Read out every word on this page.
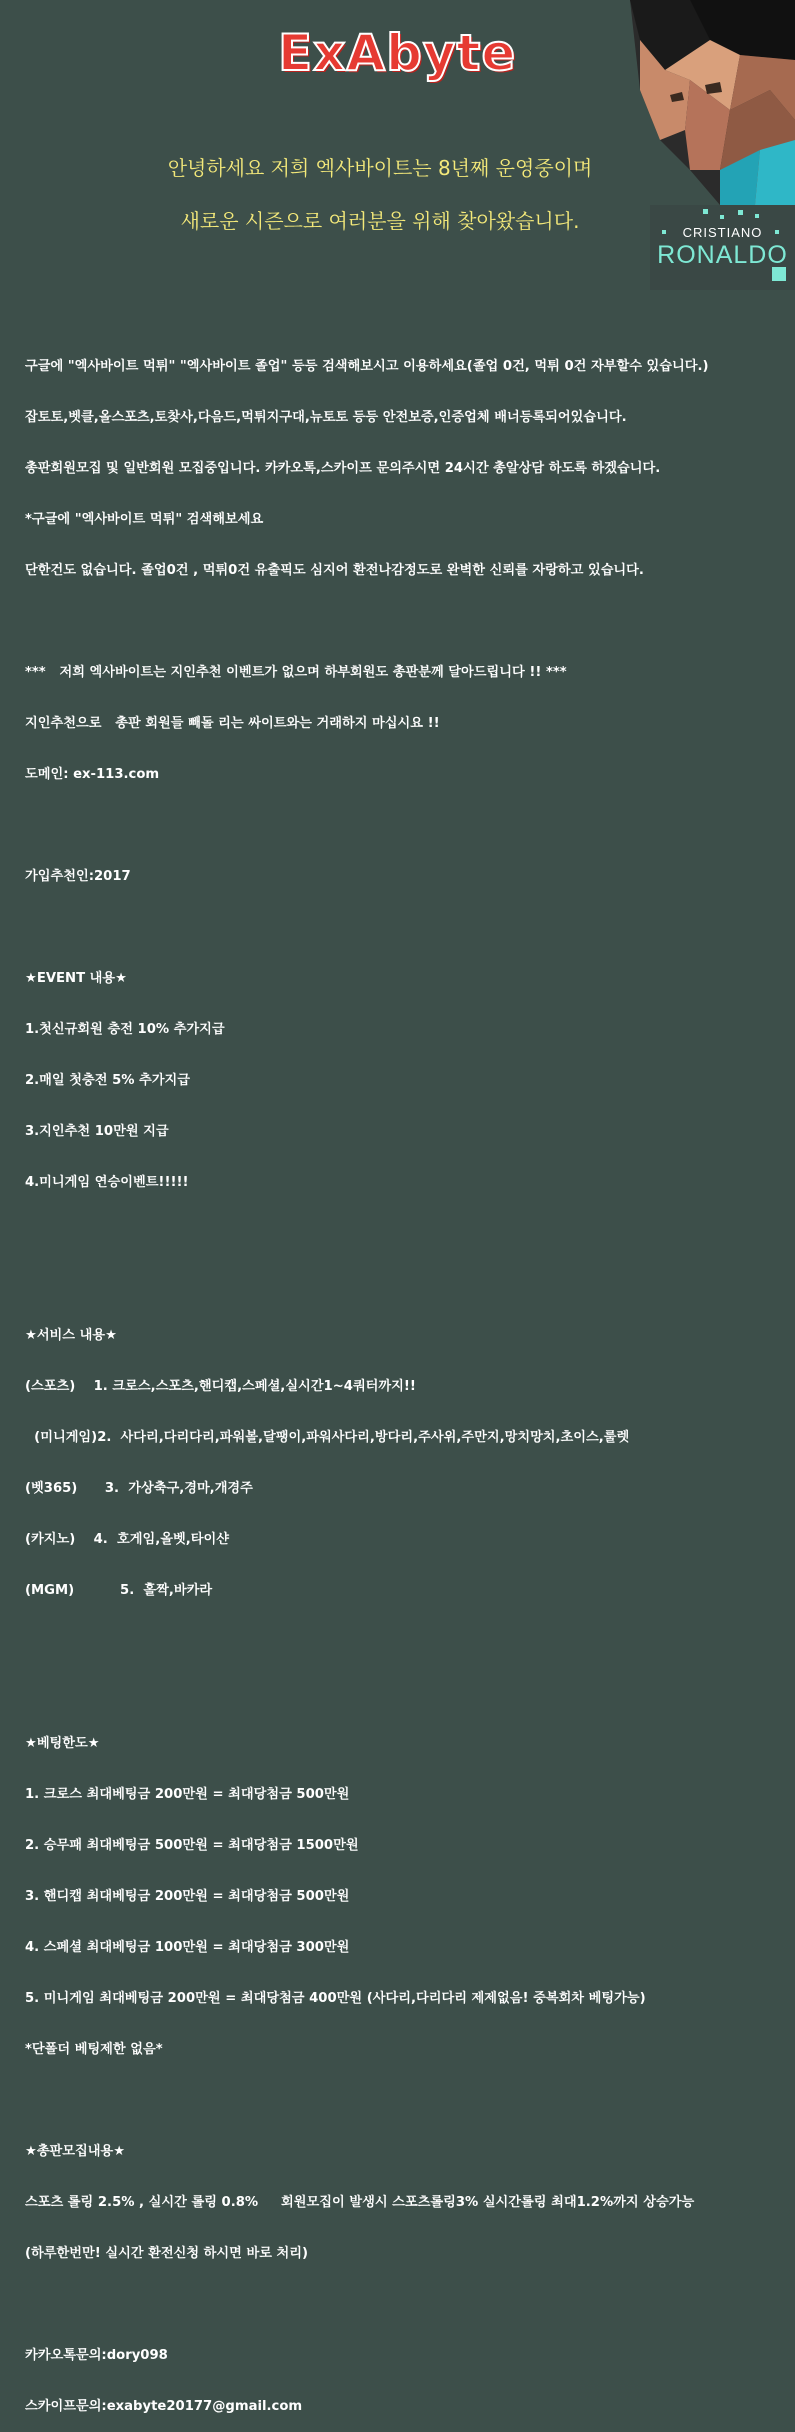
ExAbyte
CRISTIANO
RONALDO
안녕하세요 저희 엑사바이트는 8년째 운영중이며
새로운 시즌으로 여러분을 위해 찾아왔습니다.

구글에 "엑사바이트 먹튀" "엑사바이트 졸업" 등등 검색해보시고 이용하세요(졸업 0건, 먹튀 0건 자부할수 있습니다.)

잡토토,벳클,올스포츠,토찾사,다음드,먹튀지구대,뉴토토 등등 안전보증,인증업체 배너등록되어있습니다.

총판회원모집 및 일반회원 모집중입니다. 카카오톡,스카이프 문의주시면 24시간 총알상담 하도록 하겠습니다.

*구글에 "엑사바이트 먹튀" 검색해보세요

단한건도 없습니다. 졸업0건 , 먹튀0건 유출픽도 심지어 환전나감정도로 완벽한 신뢰를 자랑하고 있습니다.

***   저희 엑사바이트는 지인추천 이벤트가 없으며 하부회원도 총판분께 달아드립니다 !! ***

지인추천으로   총판 회원들 빼돌 리는 싸이트와는 거래하지 마십시요 !!

도메인: ex-113.com

가입추천인:2017

★EVENT 내용★

1.첫신규회원 충전 10% 추가지급

2.매일 첫충전 5% 추가지급

3.지인추천 10만원 지급

4.미니게임 연승이벤트!!!!!

★서비스 내용★

(스포츠)    1. 크로스,스포츠,핸디캡,스페셜,실시간1~4쿼터까지!!

(미니게임)2.  사다리,다리다리,파워볼,달팽이,파워사다리,방다리,주사위,주만지,망치망치,초이스,룰렛

(벳365)      3.  가상축구,경마,개경주

(카지노)    4.  호게임,올벳,타이샨

(MGM)          5.  홀짝,바카라

★베팅한도★

1. 크로스 최대베팅금 200만원 = 최대당첨금 500만원

2. 승무패 최대베팅금 500만원 = 최대당첨금 1500만원

3. 핸디캡 최대베팅금 200만원 = 최대당첨금 500만원

4. 스페셜 최대베팅금 100만원 = 최대당첨금 300만원

5. 미니게임 최대베팅금 200만원 = 최대당첨금 400만원 (사다리,다리다리 제제없음! 중복회차 베팅가능)

*단폴더 베팅제한 없음*

★총판모집내용★

스포츠 롤링 2.5% , 실시간 롤링 0.8%     회원모집이 발생시 스포츠롤링3% 실시간롤링 최대1.2%까지 상승가능

(하루한번만! 실시간 환전신청 하시면 바로 처리)

카카오톡문의:dory098

스카이프문의:exabyte20177@gmail.com
